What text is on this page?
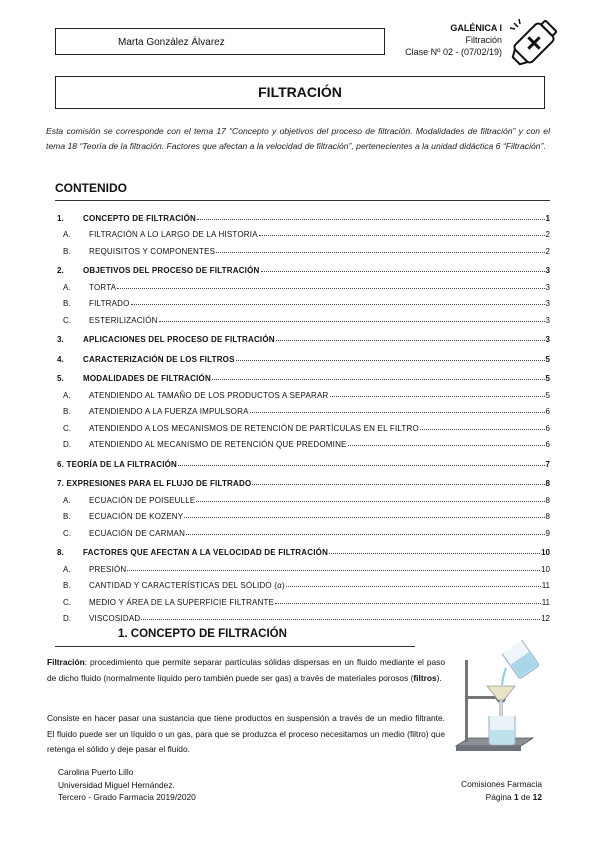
Marta González Álvarez
GALÉNICA I
Filtración
Clase Nº 02 - (07/02/19)
FILTRACIÓN
Esta comisión se corresponde con el tema 17 “Concepto y objetivos del proceso de filtración. Modalidades de filtración” y con el tema 18 “Teoría de la filtración. Factores que afectan a la velocidad de filtración”, pertenecientes a la unidad didáctica 6 “Filtración”.
CONTENIDO
1.	CONCEPTO DE FILTRACIÓN	1
A.	FILTRACIÓN A LO LARGO DE LA HISTORIA	2
B.	REQUISITOS Y COMPONENTES	2
2.	OBJETIVOS DEL PROCESO DE FILTRACIÓN	3
A.	TORTA	3
B.	FILTRADO	3
C.	ESTERILIZACIÓN	3
3.	APLICACIONES DEL PROCESO DE FILTRACIÓN	3
4.	CARACTERIZACIÓN DE LOS FILTROS	5
5.	MODALIDADES DE FILTRACIÓN	5
A.	ATENDIENDO AL TAMAÑO DE LOS PRODUCTOS A SEPARAR	5
B.	ATENDIENDO A LA FUERZA IMPULSORA	6
C.	ATENDIENDO A LOS MECANISMOS DE RETENCIÓN DE PARTÍCULAS EN EL FILTRO	6
D.	ATENDIENDO AL MECANISMO DE RETENCIÓN QUE PREDOMINE	6
6. TEORÍA DE LA FILTRACIÓN	7
7. EXPRESIONES PARA EL FLUJO DE FILTRADO	8
A.	ECUACIÓN DE POISEULLE	8
B.	ECUACIÓN DE KOZENY	8
C.	ECUACIÓN DE CARMAN	9
8.	FACTORES QUE AFECTAN A LA VELOCIDAD DE FILTRACIÓN	10
A.	PRESIÓN	10
B.	CANTIDAD Y CARACTERÍSTICAS DEL SÓLIDO (α)	11
C.	MEDIO Y ÁREA DE LA SUPERFICIE FILTRANTE	11
D.	VISCOSIDAD	12
1. CONCEPTO DE FILTRACIÓN
Filtración: procedimiento que permite separar partículas sólidas dispersas en un fluido mediante el paso de dicho fluido (normalmente líquido pero también puede ser gas) a través de materiales porosos (filtros).
Consiste en hacer pasar una sustancia que tiene productos en suspensión a través de un medio filtrante. El fluido puede ser un líquido o un gas, para que se produzca el proceso necesitamos un medio (filtro) que retenga el sólido y deje pasar el fluido.
Carolina Puerto Lillo
Universidad Miguel Hernández.
Tercero - Grado Farmacia 2019/2020
Comisiones Farmacia
Página 1 de 12
